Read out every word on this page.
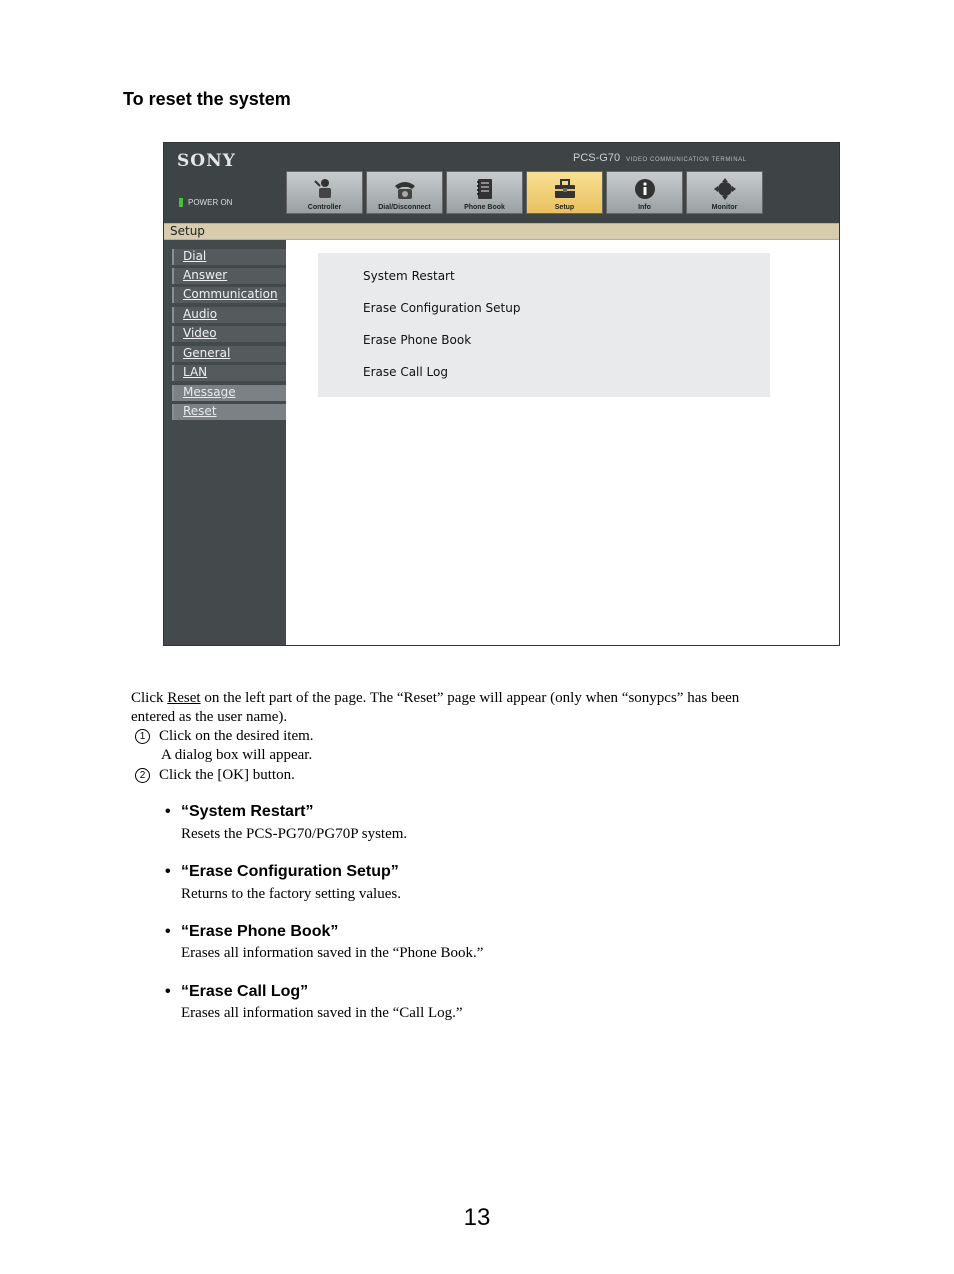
To reset the system
SONY	PCS-G70 VIDEO COMMUNICATION TERMINAL
POWER ON
Controller	Dial/Disconnect	Phone Book	Setup	Info	Monitor
Setup
Dial
Answer
Communication
Audio
Video
General
LAN
Message
Reset
System Restart
Erase Configuration Setup
Erase Phone Book
Erase Call Log
Click Reset on the left part of the page. The “Reset” page will appear (only when “sonypcs” has been
entered as the user name).
1 Click on the desired item.
A dialog box will appear.
2 Click the [OK] button.
• “System Restart”
Resets the PCS-PG70/PG70P system.
• “Erase Configuration Setup”
Returns to the factory setting values.
• “Erase Phone Book”
Erases all information saved in the “Phone Book.”
• “Erase Call Log”
Erases all information saved in the “Call Log.”
13
